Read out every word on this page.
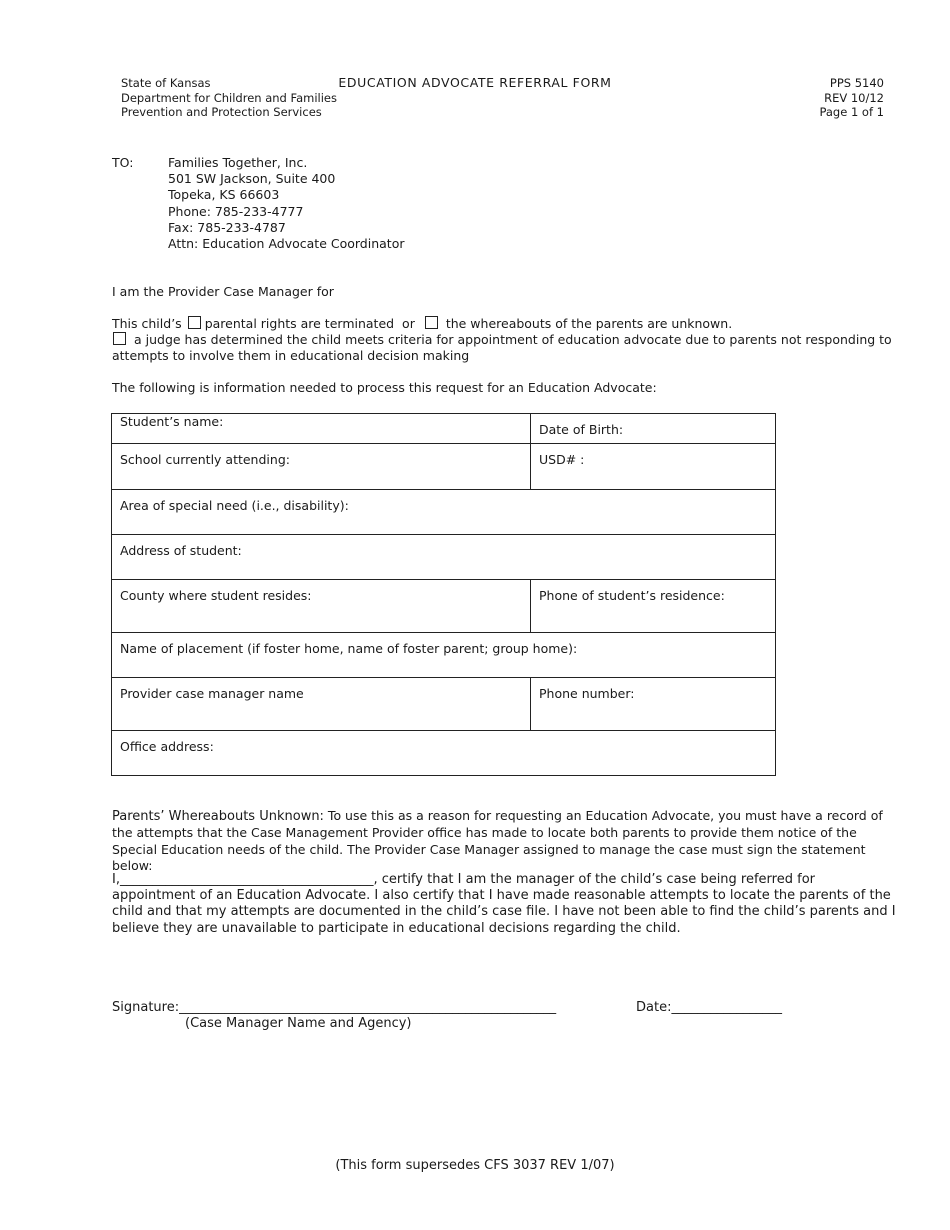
State of Kansas
Department for Children and Families
Prevention and Protection Services
EDUCATION ADVOCATE REFERRAL FORM	PPS 5140
REV 10/12
Page 1 of 1
TO:	Families Together, Inc.
501 SW Jackson, Suite 400
Topeka, KS 66603
Phone: 785-233-4777
Fax: 785-233-4787
Attn: Education Advocate Coordinator
I am the Provider Case Manager for
This child’s parental rights are terminated or the whereabouts of the parents are unknown.
a judge has determined the child meets criteria for appointment of education advocate due to parents not responding to
attempts to involve them in educational decision making
The following is information needed to process this request for an Education Advocate:
Student’s name:	Date of Birth:

School currently attending:	USD# :

Area of special need (i.e., disability):	

Address of student:	

County where student resides:	Phone of student’s residence:

Name of placement (if foster home, name of foster parent; group home):	

Provider case manager name	Phone number:

Office address:	
Parents’ Whereabouts Unknown: To use this as a reason for requesting an Education Advocate, you must have a record of the attempts that the Case Management Provider office has made to locate both parents to provide them notice of the Special Education needs of the child. The Provider Case Manager assigned to manage the case must sign the statement below:
I,_______________________________________, certify that I am the manager of the child’s case being referred for appointment of an Education Advocate. I also certify that I have made reasonable attempts to locate the parents of the child and that my attempts are documented in the child’s case file. I have not been able to find the child’s parents and I believe they are unavailable to participate in educational decisions regarding the child.
Signature:__________________________________________________________
(Case Manager Name and Agency)
Date:_________________
(This form supersedes CFS 3037 REV 1/07)
